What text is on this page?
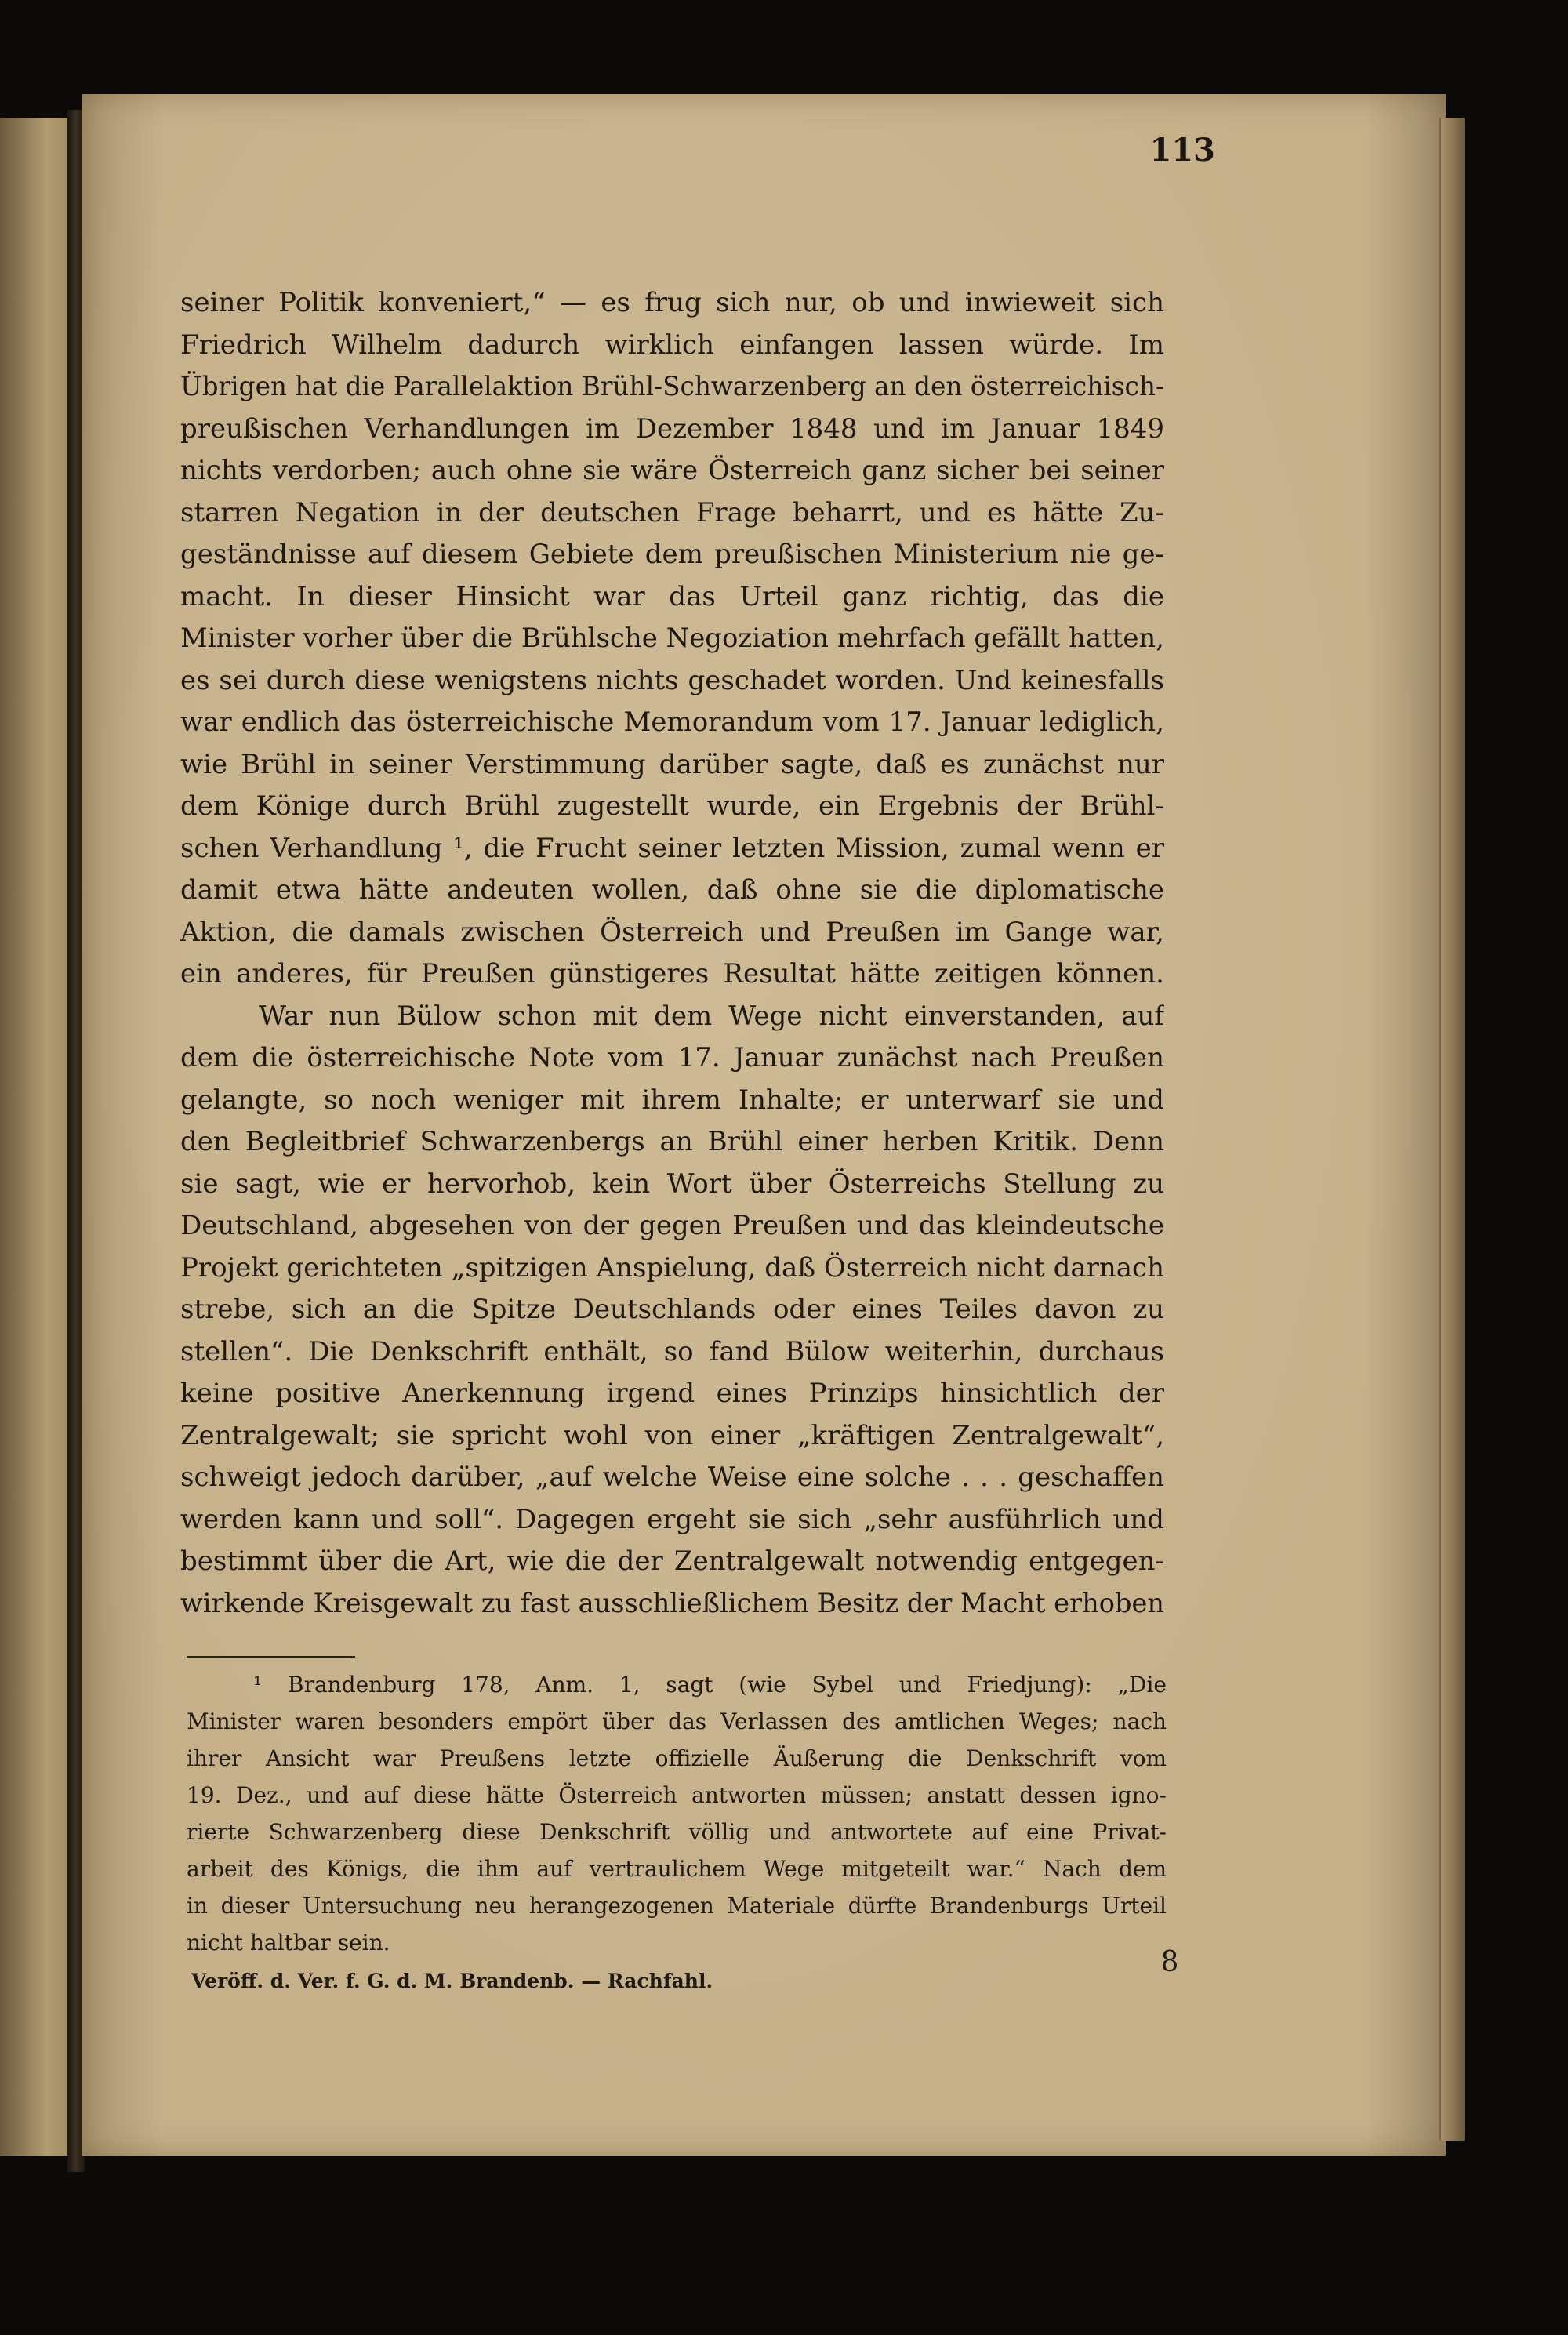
113
seiner Politik konveniert,“ — es frug sich nur, ob und inwieweit sich
Friedrich Wilhelm dadurch wirklich einfangen lassen würde. Im
Übrigen hat die Parallelaktion Brühl-Schwarzenberg an den österreichisch-
preußischen Verhandlungen im Dezember 1848 und im Januar 1849
nichts verdorben; auch ohne sie wäre Österreich ganz sicher bei seiner
starren Negation in der deutschen Frage beharrt, und es hätte Zu-
geständnisse auf diesem Gebiete dem preußischen Ministerium nie ge-
macht. In dieser Hinsicht war das Urteil ganz richtig, das die
Minister vorher über die Brühlsche Negoziation mehrfach gefällt hatten,
es sei durch diese wenigstens nichts geschadet worden. Und keinesfalls
war endlich das österreichische Memorandum vom 17. Januar lediglich,
wie Brühl in seiner Verstimmung darüber sagte, daß es zunächst nur
dem Könige durch Brühl zugestellt wurde, ein Ergebnis der Brühl-
schen Verhandlung ¹, die Frucht seiner letzten Mission, zumal wenn er
damit etwa hätte andeuten wollen, daß ohne sie die diplomatische
Aktion, die damals zwischen Österreich und Preußen im Gange war,
ein anderes, für Preußen günstigeres Resultat hätte zeitigen können.
War nun Bülow schon mit dem Wege nicht einverstanden, auf
dem die österreichische Note vom 17. Januar zunächst nach Preußen
gelangte, so noch weniger mit ihrem Inhalte; er unterwarf sie und
den Begleitbrief Schwarzenbergs an Brühl einer herben Kritik. Denn
sie sagt, wie er hervorhob, kein Wort über Österreichs Stellung zu
Deutschland, abgesehen von der gegen Preußen und das kleindeutsche
Projekt gerichteten „spitzigen Anspielung, daß Österreich nicht darnach
strebe, sich an die Spitze Deutschlands oder eines Teiles davon zu
stellen“. Die Denkschrift enthält, so fand Bülow weiterhin, durchaus
keine positive Anerkennung irgend eines Prinzips hinsichtlich der
Zentralgewalt; sie spricht wohl von einer „kräftigen Zentralgewalt“,
schweigt jedoch darüber, „auf welche Weise eine solche . . . geschaffen
werden kann und soll“. Dagegen ergeht sie sich „sehr ausführlich und
bestimmt über die Art, wie die der Zentralgewalt notwendig entgegen-
wirkende Kreisgewalt zu fast ausschließlichem Besitz der Macht erhoben
¹ Brandenburg 178, Anm. 1, sagt (wie Sybel und Friedjung): „Die
Minister waren besonders empört über das Verlassen des amtlichen Weges; nach
ihrer Ansicht war Preußens letzte offizielle Äußerung die Denkschrift vom
19. Dez., und auf diese hätte Österreich antworten müssen; anstatt dessen igno-
rierte Schwarzenberg diese Denkschrift völlig und antwortete auf eine Privat-
arbeit des Königs, die ihm auf vertraulichem Wege mitgeteilt war.“ Nach dem
in dieser Untersuchung neu herangezogenen Materiale dürfte Brandenburgs Urteil
nicht haltbar sein.
8
Veröff. d. Ver. f. G. d. M. Brandenb. — Rachfahl.
